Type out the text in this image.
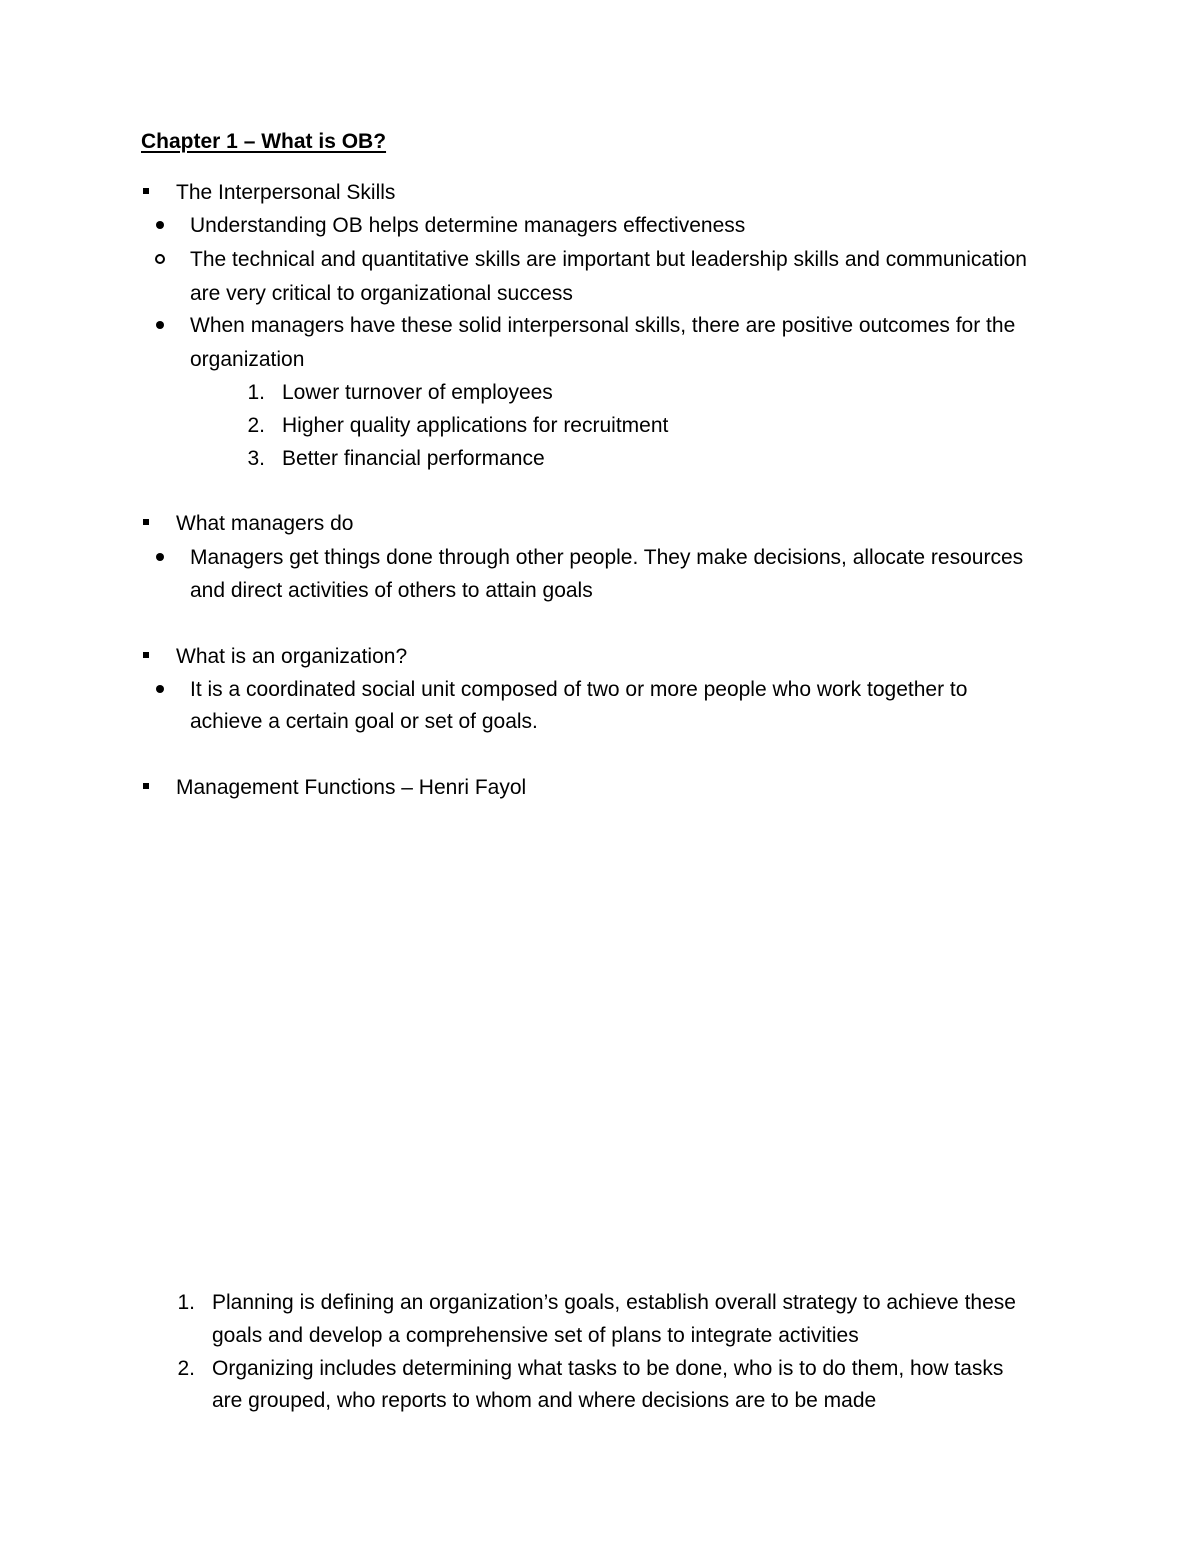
Chapter 1 – What is OB?
The Interpersonal Skills
Understanding OB helps determine managers effectiveness
The technical and quantitative skills are important but leadership skills and communication
are very critical to organizational success
When managers have these solid interpersonal skills, there are positive outcomes for the
organization
1. Lower turnover of employees
2. Higher quality applications for recruitment
3. Better financial performance
What managers do
Managers get things done through other people. They make decisions, allocate resources
and direct activities of others to attain goals
What is an organization?
It is a coordinated social unit composed of two or more people who work together to
achieve a certain goal or set of goals.
Management Functions – Henri Fayol
1. Planning is defining an organization’s goals, establish overall strategy to achieve these
goals and develop a comprehensive set of plans to integrate activities
2. Organizing includes determining what tasks to be done, who is to do them, how tasks
are grouped, who reports to whom and where decisions are to be made
